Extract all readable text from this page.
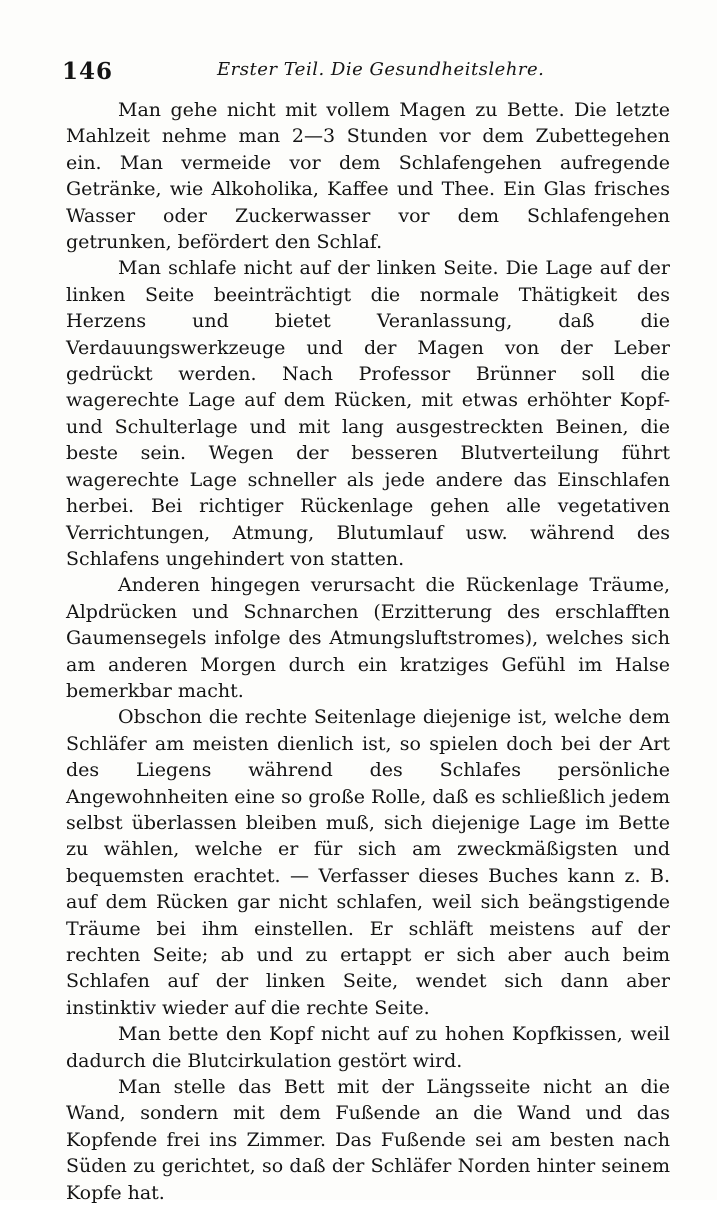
146	Erster Teil. Die Gesundheitslehre.

Man gehe nicht mit vollem Magen zu Bette. Die letzte Mahlzeit nehme man 2—3 Stunden vor dem Zubettegehen ein. Man vermeide vor dem Schlafengehen aufregende Getränke, wie Alkoholika, Kaffee und Thee. Ein Glas frisches Wasser oder Zuckerwasser vor dem Schlafengehen getrunken, befördert den Schlaf.

Man schlafe nicht auf der linken Seite. Die Lage auf der linken Seite beeinträchtigt die normale Thätigkeit des Herzens und bietet Veranlassung, daß die Verdauungswerkzeuge und der Magen von der Leber gedrückt werden. Nach Professor Brünner soll die wagerechte Lage auf dem Rücken, mit etwas erhöhter Kopf- und Schulterlage und mit lang ausgestreckten Beinen, die beste sein. Wegen der besseren Blutverteilung führt wagerechte Lage schneller als jede andere das Einschlafen herbei. Bei richtiger Rückenlage gehen alle vegetativen Verrichtungen, Atmung, Blutumlauf usw. während des Schlafens ungehindert von statten.

Anderen hingegen verursacht die Rückenlage Träume, Alpdrücken und Schnarchen (Erzitterung des erschlafften Gaumensegels infolge des Atmungsluftstromes), welches sich am anderen Morgen durch ein kratziges Gefühl im Halse bemerkbar macht.

Obschon die rechte Seitenlage diejenige ist, welche dem Schläfer am meisten dienlich ist, so spielen doch bei der Art des Liegens während des Schlafes persönliche Angewohnheiten eine so große Rolle, daß es schließlich jedem selbst überlassen bleiben muß, sich diejenige Lage im Bette zu wählen, welche er für sich am zweckmäßigsten und bequemsten erachtet. — Verfasser dieses Buches kann z. B. auf dem Rücken gar nicht schlafen, weil sich beängstigende Träume bei ihm einstellen. Er schläft meistens auf der rechten Seite; ab und zu ertappt er sich aber auch beim Schlafen auf der linken Seite, wendet sich dann aber instinktiv wieder auf die rechte Seite.

Man bette den Kopf nicht auf zu hohen Kopfkissen, weil dadurch die Blutcirkulation gestört wird.

Man stelle das Bett mit der Längsseite nicht an die Wand, sondern mit dem Fußende an die Wand und das Kopfende frei ins Zimmer. Das Fußende sei am besten nach Süden zu gerichtet, so daß der Schläfer Norden hinter seinem Kopfe hat.
